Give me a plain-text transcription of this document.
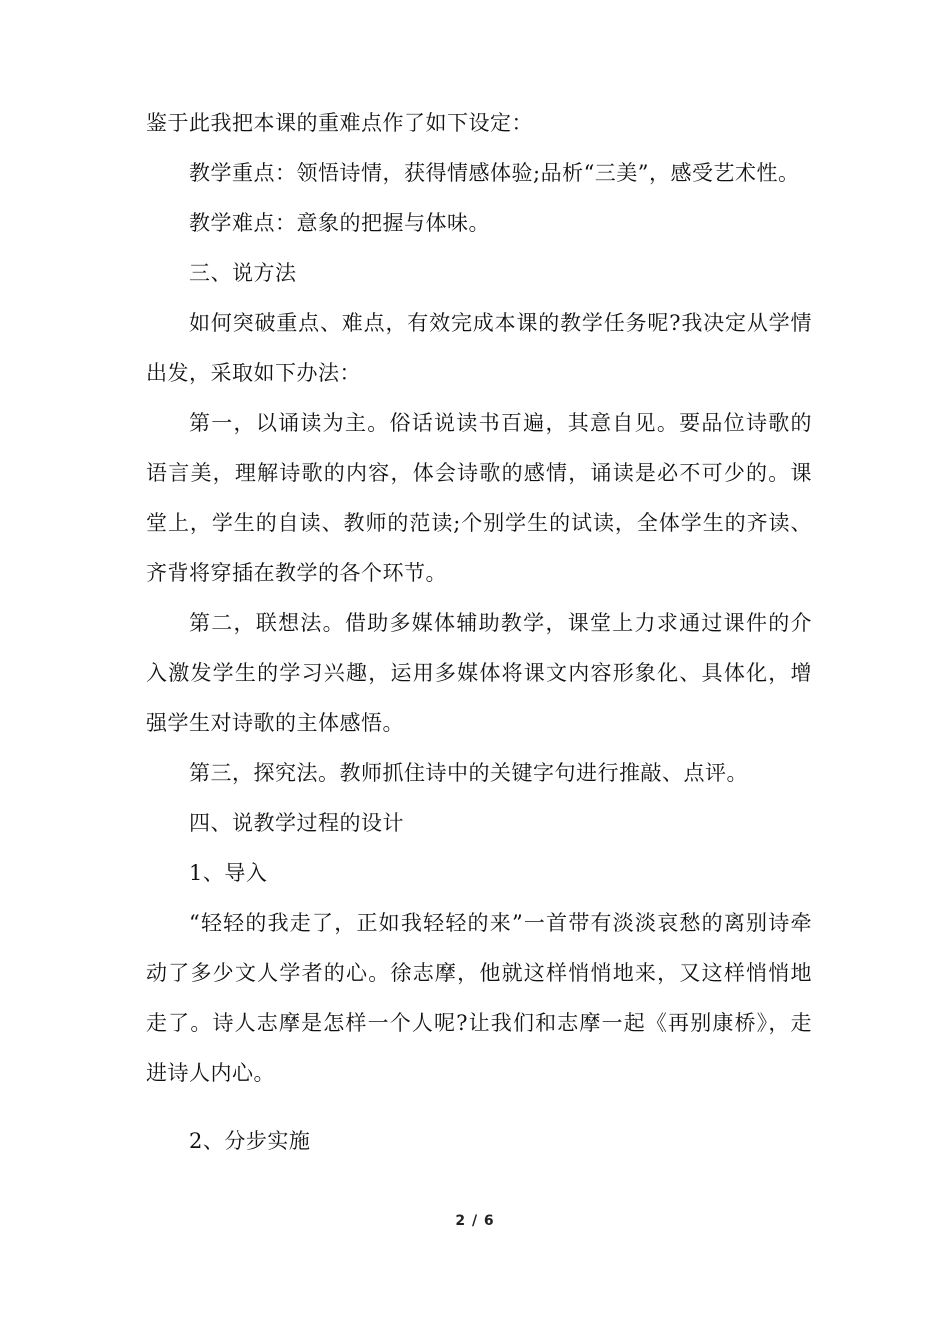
鉴于此我把本课的重难点作了如下设定：

教学重点：领悟诗情，获得情感体验;品析“三美”，感受艺术性。

教学难点：意象的把握与体味。

三、说方法

如何突破重点、难点，有效完成本课的教学任务呢?我决定从学情出发，采取如下办法：

第一，以诵读为主。俗话说读书百遍，其意自见。要品位诗歌的语言美，理解诗歌的内容，体会诗歌的感情，诵读是必不可少的。课堂上，学生的自读、教师的范读;个别学生的试读，全体学生的齐读、齐背将穿插在教学的各个环节。

第二，联想法。借助多媒体辅助教学，课堂上力求通过课件的介入激发学生的学习兴趣，运用多媒体将课文内容形象化、具体化，增强学生对诗歌的主体感悟。

第三，探究法。教师抓住诗中的关键字句进行推敲、点评。

四、说教学过程的设计

1、导入

“轻轻的我走了，正如我轻轻的来”一首带有淡淡哀愁的离别诗牵动了多少文人学者的心。徐志摩，他就这样悄悄地来，又这样悄悄地走了。诗人志摩是怎样一个人呢?让我们和志摩一起《再别康桥》，走进诗人内心。

2、分步实施

2 / 6
